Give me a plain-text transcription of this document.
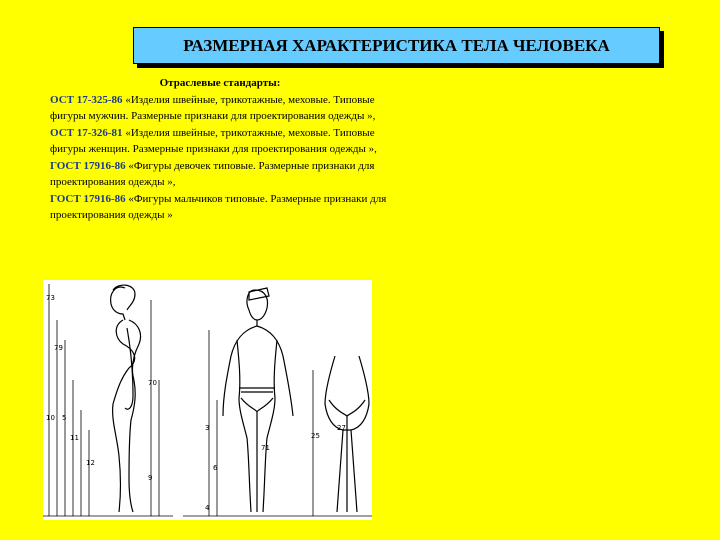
РАЗМЕРНАЯ ХАРАКТЕРИСТИКА ТЕЛА ЧЕЛОВЕКА
Отраслевые стандарты:
ОСТ 17-325-86 «Изделия швейные, трикотажные, меховые. Типовые фигуры мужчин. Размерные признаки для проектирования одежды »,
ОСТ 17-326-81 «Изделия швейные, трикотажные, меховые. Типовые фигуры женщин. Размерные признаки для проектирования одежды »,
ГОСТ 17916-86 «Фигуры девочек типовые. Размерные признаки для проектирования одежды »,
ГОСТ 17916-86 «Фигуры мальчиков типовые. Размерные признаки для проектирования одежды »
73
79
10 5
11
12
9
70
3
6
71
27
25
4
